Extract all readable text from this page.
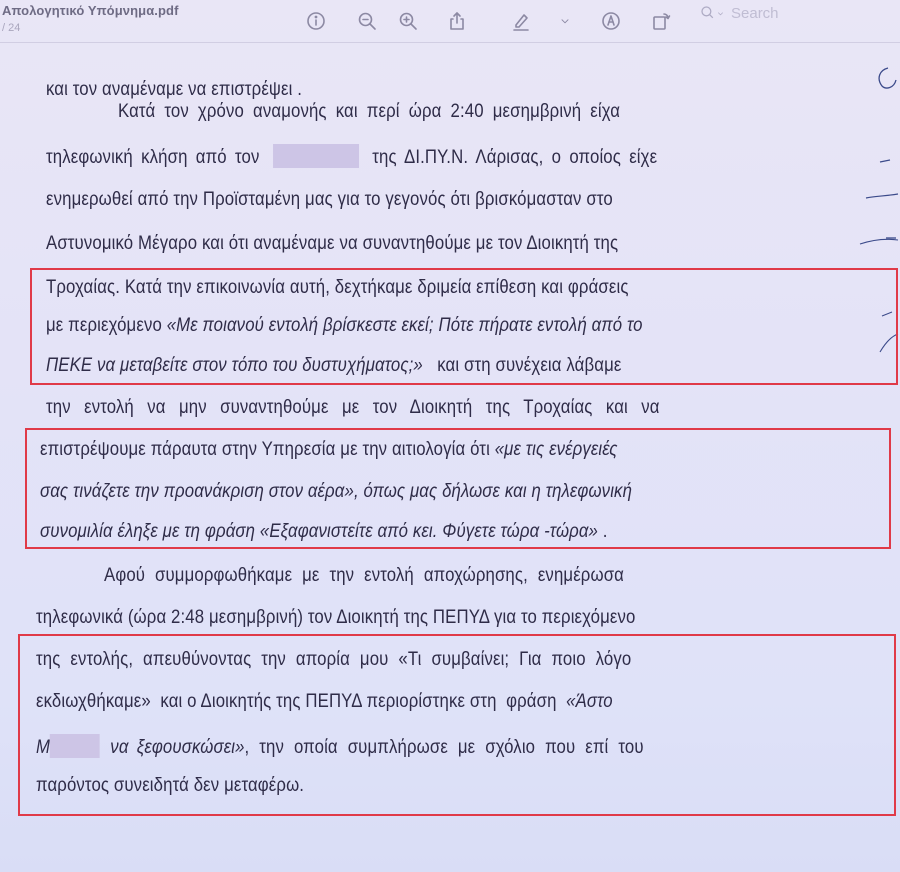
Απολογητικό Υπόμνημα.pdf
/ 24
Search
και τον αναμέναμε να επιστρέψει .
Κατά τον χρόνο αναμονής και περί ώρα 2:40 μεσημβρινή είχα
τηλεφωνική κλήση από τον	της ΔΙ.ΠΥ.Ν. Λάρισας, ο οποίος είχε
ενημερωθεί από την Προϊσταμένη μας για το γεγονός ότι βρισκόμασταν στο
Αστυνομικό Μέγαρο και ότι αναμέναμε να συναντηθούμε με τον Διοικητή της
Τροχαίας. Κατά την επικοινωνία αυτή, δεχτήκαμε δριμεία επίθεση και φράσεις
με περιεχόμενο «Με ποιανού εντολή βρίσκεστε εκεί; Πότε πήρατε εντολή από το
ΠΕΚΕ να μεταβείτε στον τόπο του δυστυχήματος;»   και στη συνέχεια λάβαμε
την εντολή να μην συναντηθούμε με τον Διοικητή της Τροχαίας και να
επιστρέψουμε πάραυτα στην Υπηρεσία με την αιτιολογία ότι «με τις ενέργειές
σας τινάζετε την προανάκριση στον αέρα», όπως μας δήλωσε και η τηλεφωνική
συνομιλία έληξε με τη φράση «Εξαφανιστείτε από κει. Φύγετε τώρα -τώρα» .
Αφού συμμορφωθήκαμε με την εντολή αποχώρησης, ενημέρωσα
τηλεφωνικά (ώρα 2:48 μεσημβρινή) τον Διοικητή της ΠΕΠΥΔ για το περιεχόμενο
της εντολής, απευθύνοντας την απορία μου «Τι συμβαίνει; Για ποιο λόγο
εκδιωχθήκαμε»  και ο Διοικητής της ΠΕΠΥΔ περιορίστηκε στη  φράση  «Άστο
Μ	να ξεφουσκώσει», την οποία συμπλήρωσε με σχόλιο που επί του
παρόντος συνειδητά δεν μεταφέρω.
